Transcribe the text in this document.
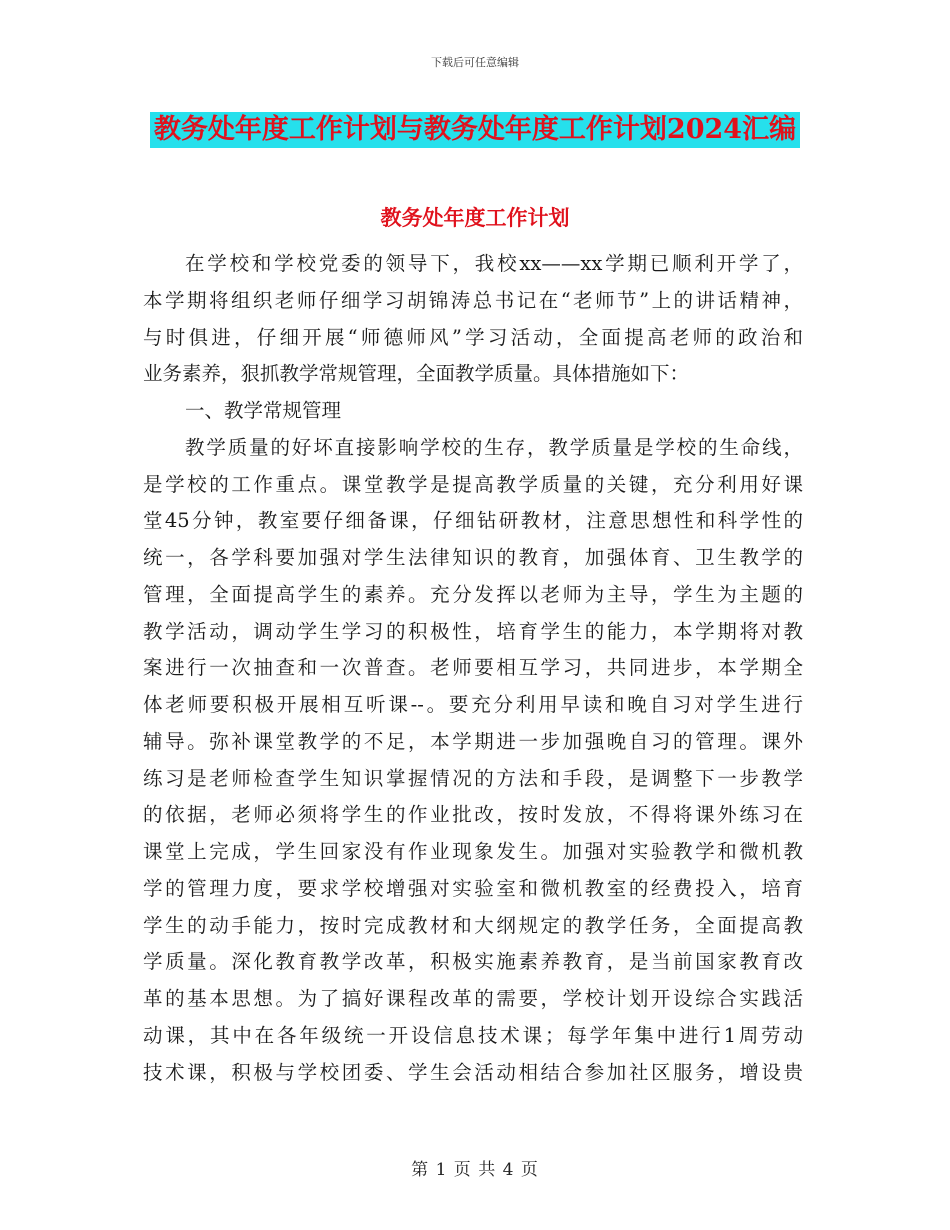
下载后可任意编辑
教务处年度工作计划与教务处年度工作计划2024汇编
教务处年度工作计划
在学校和学校党委的领导下，我校xx——xx学期已顺利开学了，
本学期将组织老师仔细学习胡锦涛总书记在“老师节”上的讲话精神，
与时俱进，仔细开展“师德师风”学习活动，全面提高老师的政治和
业务素养，狠抓教学常规管理，全面教学质量。具体措施如下：
一、教学常规管理
教学质量的好坏直接影响学校的生存，教学质量是学校的生命线，
是学校的工作重点。课堂教学是提高教学质量的关键，充分利用好课
堂45分钟，教室要仔细备课，仔细钻研教材，注意思想性和科学性的
统一，各学科要加强对学生法律知识的教育，加强体育、卫生教学的
管理，全面提高学生的素养。充分发挥以老师为主导，学生为主题的
教学活动，调动学生学习的积极性，培育学生的能力，本学期将对教
案进行一次抽查和一次普查。老师要相互学习，共同进步，本学期全
体老师要积极开展相互听课--。要充分利用早读和晚自习对学生进行
辅导。弥补课堂教学的不足，本学期进一步加强晚自习的管理。课外
练习是老师检查学生知识掌握情况的方法和手段，是调整下一步教学
的依据，老师必须将学生的作业批改，按时发放，不得将课外练习在
课堂上完成，学生回家没有作业现象发生。加强对实验教学和微机教
学的管理力度，要求学校增强对实验室和微机教室的经费投入，培育
学生的动手能力，按时完成教材和大纲规定的教学任务，全面提高教
学质量。深化教育教学改革，积极实施素养教育，是当前国家教育改
革的基本思想。为了搞好课程改革的需要，学校计划开设综合实践活
动课，其中在各年级统一开设信息技术课；每学年集中进行1周劳动
技术课，积极与学校团委、学生会活动相结合参加社区服务，增设贵
第 1 页 共 4 页
